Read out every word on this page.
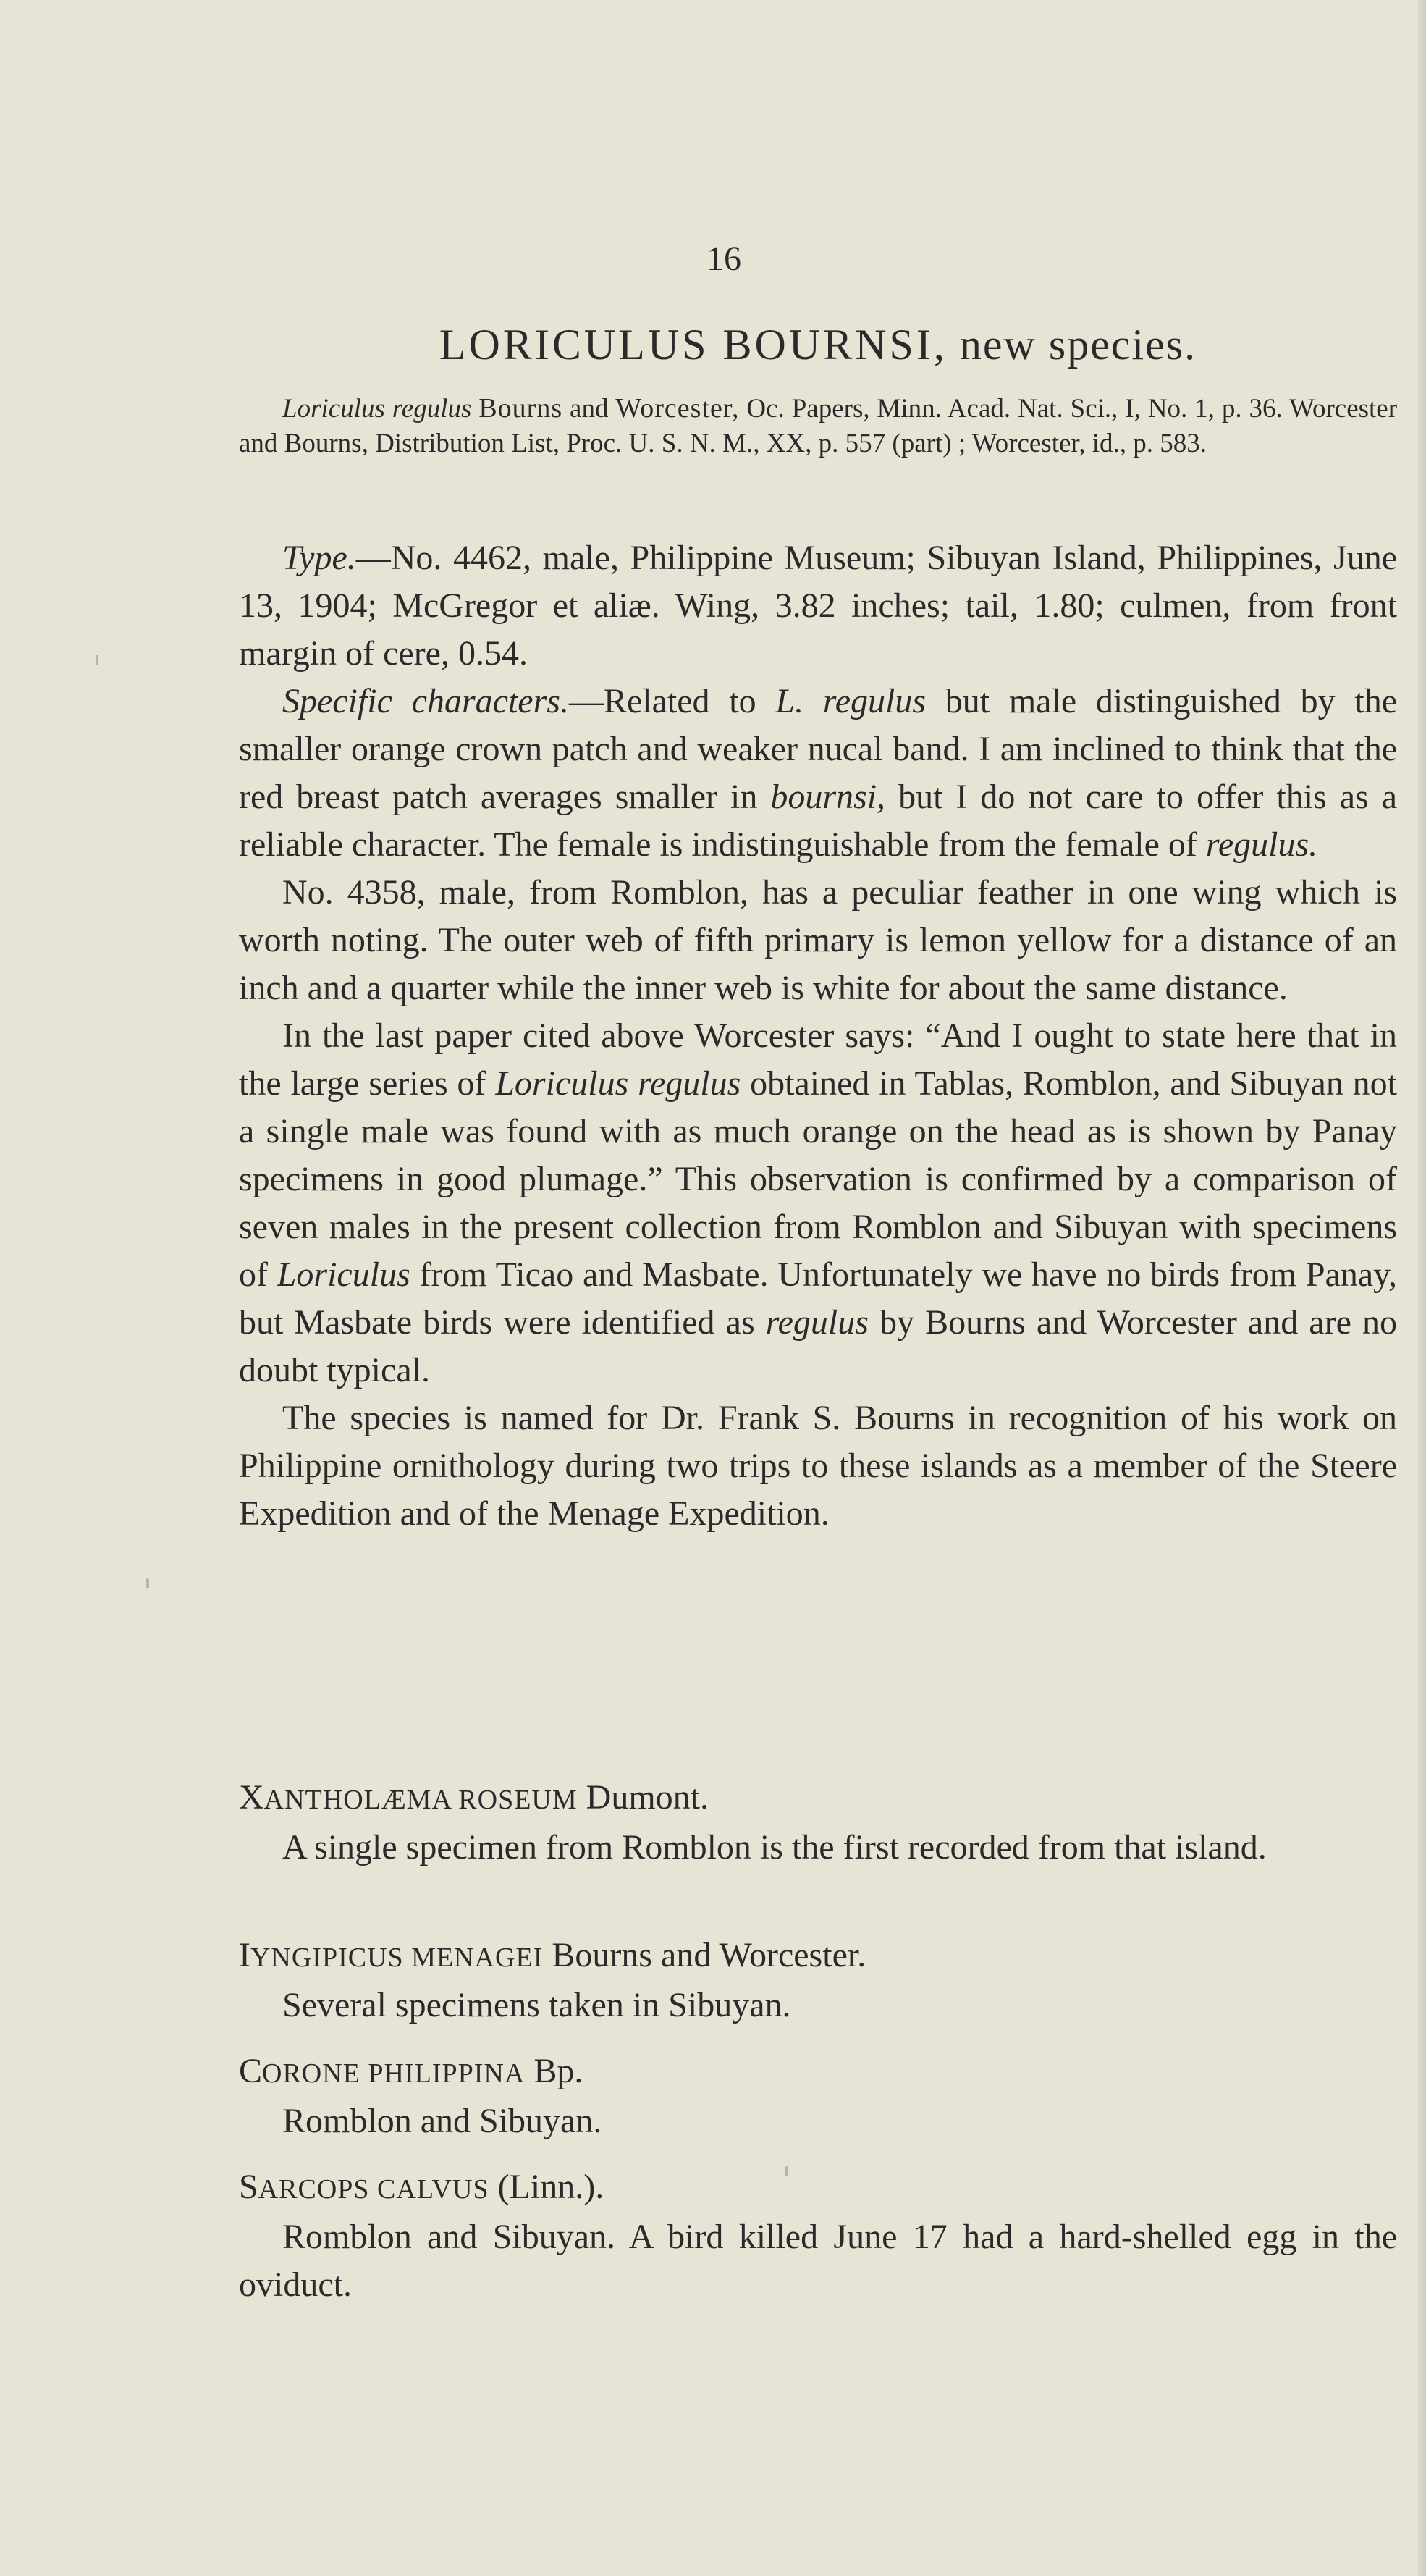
16
LORICULUS BOURNSI, new species.

Loriculus regulus Bourns and Worcester, Oc. Papers, Minn. Acad. Nat. Sci., I, No. 1, p. 36. Worcester and Bourns, Distribution List, Proc. U. S. N. M., XX, p. 557 (part) ; Worcester, id., p. 583.

Type.—No. 4462, male, Philippine Museum; Sibuyan Island, Philippines, June 13, 1904; McGregor et aliæ. Wing, 3.82 inches; tail, 1.80; culmen, from front margin of cere, 0.54.

Specific characters.—Related to L. regulus but male distinguished by the smaller orange crown patch and weaker nucal band. I am inclined to think that the red breast patch averages smaller in bournsi, but I do not care to offer this as a reliable character. The female is indistinguishable from the female of regulus.

No. 4358, male, from Romblon, has a peculiar feather in one wing which is worth noting. The outer web of fifth primary is lemon yellow for a distance of an inch and a quarter while the inner web is white for about the same distance.

In the last paper cited above Worcester says: “And I ought to state here that in the large series of Loriculus regulus obtained in Tablas, Romblon, and Sibuyan not a single male was found with as much orange on the head as is shown by Panay specimens in good plumage.” This observation is confirmed by a comparison of seven males in the present collection from Romblon and Sibuyan with specimens of Loriculus from Ticao and Masbate. Unfortunately we have no birds from Panay, but Masbate birds were identified as regulus by Bourns and Worcester and are no doubt typical.

The species is named for Dr. Frank S. Bourns in recognition of his work on Philippine ornithology during two trips to these islands as a member of the Steere Expedition and of the Menage Expedition.

XANTHOLÆMA ROSEUM Dumont.

A single specimen from Romblon is the first recorded from that island.

IYNGIPICUS MENAGEI Bourns and Worcester.

Several specimens taken in Sibuyan.

CORONE PHILIPPINA Bp.

Romblon and Sibuyan.

SARCOPS CALVUS (Linn.).

Romblon and Sibuyan. A bird killed June 17 had a hard-shelled egg in the oviduct.
